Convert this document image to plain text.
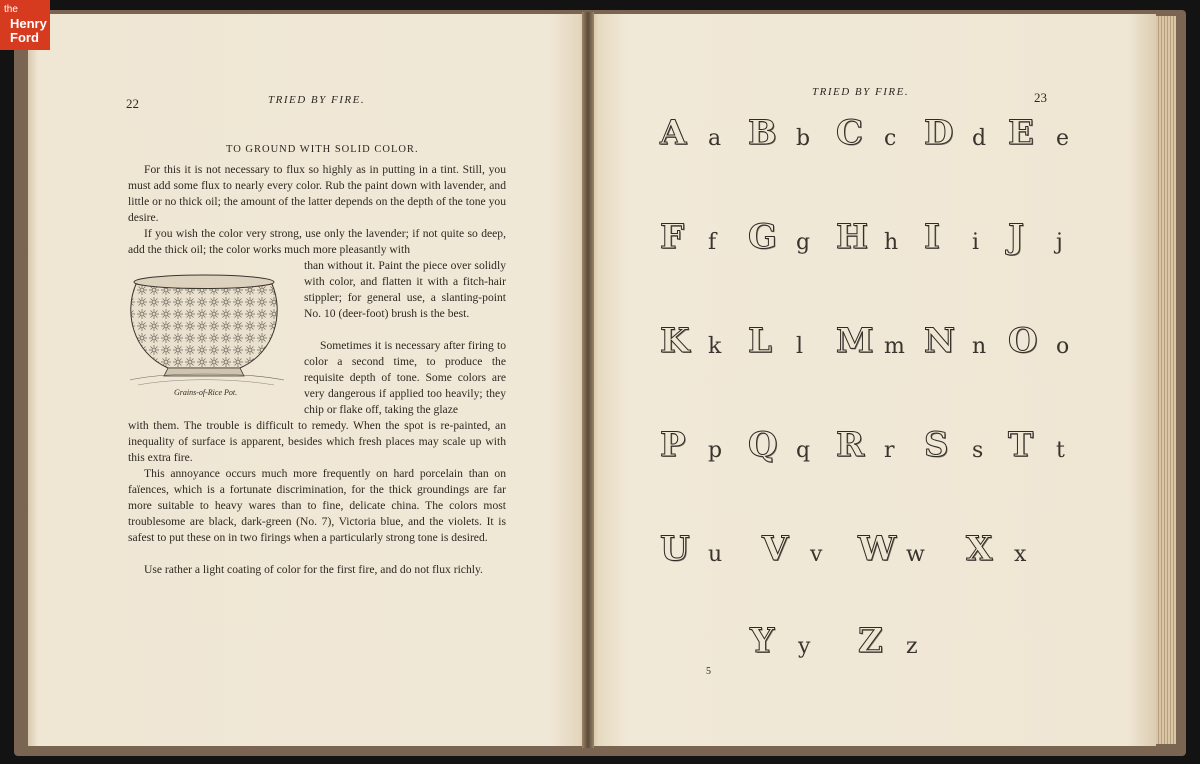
the
Henry
Ford
22	TRIED BY FIRE.
TO GROUND WITH SOLID COLOR.
For this it is not necessary to flux so highly as in putting in a tint. Still, you must add some flux to nearly every color. Rub the paint down with lavender, and little or no thick oil; the amount of the latter depends on the depth of the tone you desire.
If you wish the color very strong, use only the lavender; if not quite so deep, add the thick oil; the color works much more pleasantly with
than without it. Paint the piece over solidly with color, and flatten it with a fitch-hair stippler; for general use, a slanting-point No. 10 (deer-foot) brush is the best.
Sometimes it is necessary after firing to color a second time, to produce the requisite depth of tone. Some colors are very dangerous if applied too heavily; they chip or flake off, taking the glaze
with them. The trouble is difficult to remedy. When the spot is re-painted, an inequality of surface is apparent, besides which fresh places may scale up with this extra fire.
This annoyance occurs much more frequently on hard porcelain than on faïences, which is a fortunate discrimination, for the thick groundings are far more suitable to heavy wares than to fine, delicate china. The colors most troublesome are black, dark-green (No. 7), Victoria blue, and the violets. It is safest to put these on in two firings when a particularly strong tone is desired.
Use rather a light coating of color for the first fire, and do not flux richly.
Grains-of-Rice Pot.
TRIED BY FIRE.	23
A a B b C c D d E e
F f G g H h I i J j
K k L l M m N n O o
P p Q q R r S s T t
U u V v W w X x
Y y Z z
5
